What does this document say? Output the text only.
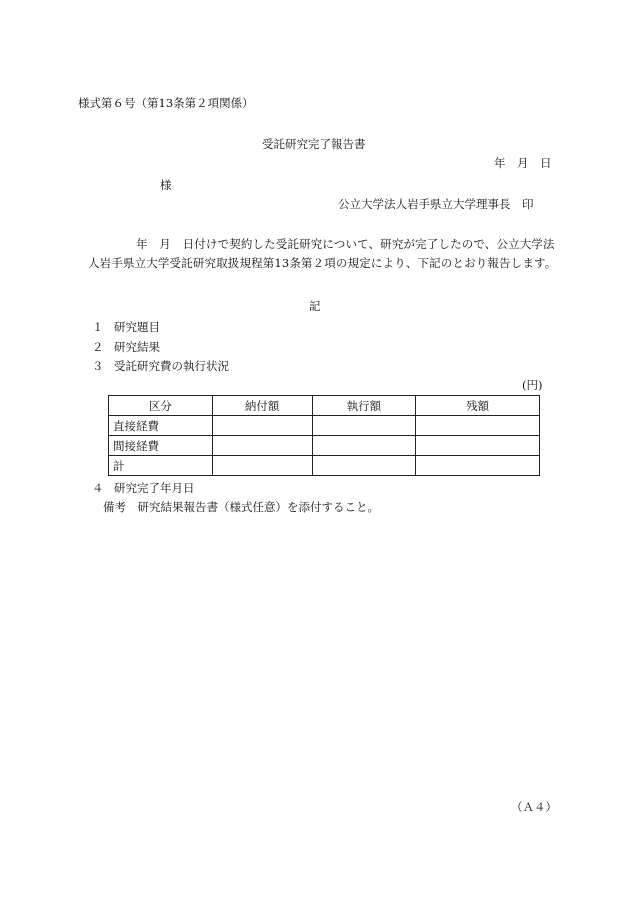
様式第６号（第13条第２項関係）
受託研究完了報告書
年　月　日
様
公立大学法人岩手県立大学理事長　印
年　月　日付けで契約した受託研究について、研究が完了したので、公立大学法人岩手県立大学受託研究取扱規程第13条第２項の規定により、下記のとおり報告します。
記
１ 研究題目
２ 研究結果
３ 受託研究費の執行状況
(円)
区分	納付額	執行額	残額
直接経費			
間接経費			
計			
４ 研究完了年月日
備考　研究結果報告書（様式任意）を添付すること。
（Ａ４）
